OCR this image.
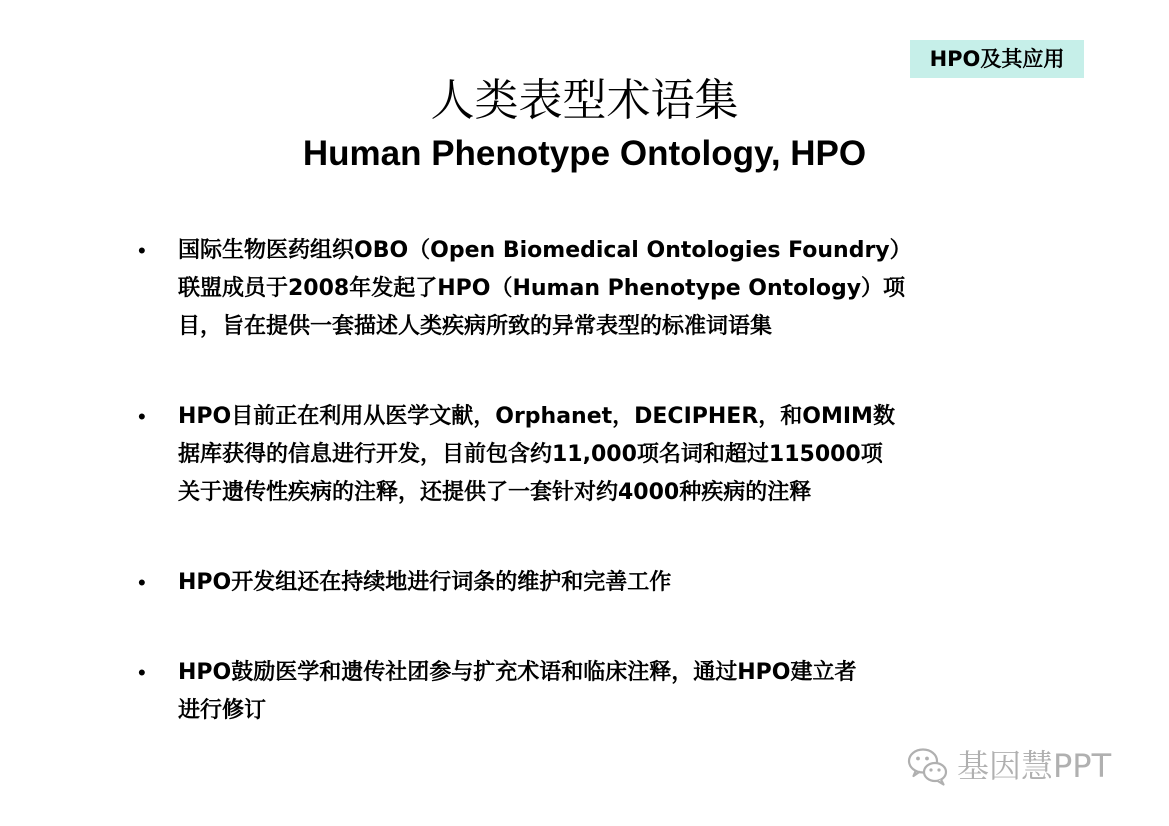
HPO及其应用
人类表型术语集
Human Phenotype Ontology, HPO
• 国际生物医药组织OBO（Open Biomedical Ontologies Foundry）
联盟成员于2008年发起了HPO（Human Phenotype Ontology）项
目，旨在提供一套描述人类疾病所致的异常表型的标准词语集
• HPO目前正在利用从医学文献，Orphanet，DECIPHER，和OMIM数
据库获得的信息进行开发，目前包含约11,000项名词和超过115000项
关于遗传性疾病的注释，还提供了一套针对约4000种疾病的注释
• HPO开发组还在持续地进行词条的维护和完善工作
• HPO鼓励医学和遗传社团参与扩充术语和临床注释，通过HPO建立者
进行修订
基因慧PPT
